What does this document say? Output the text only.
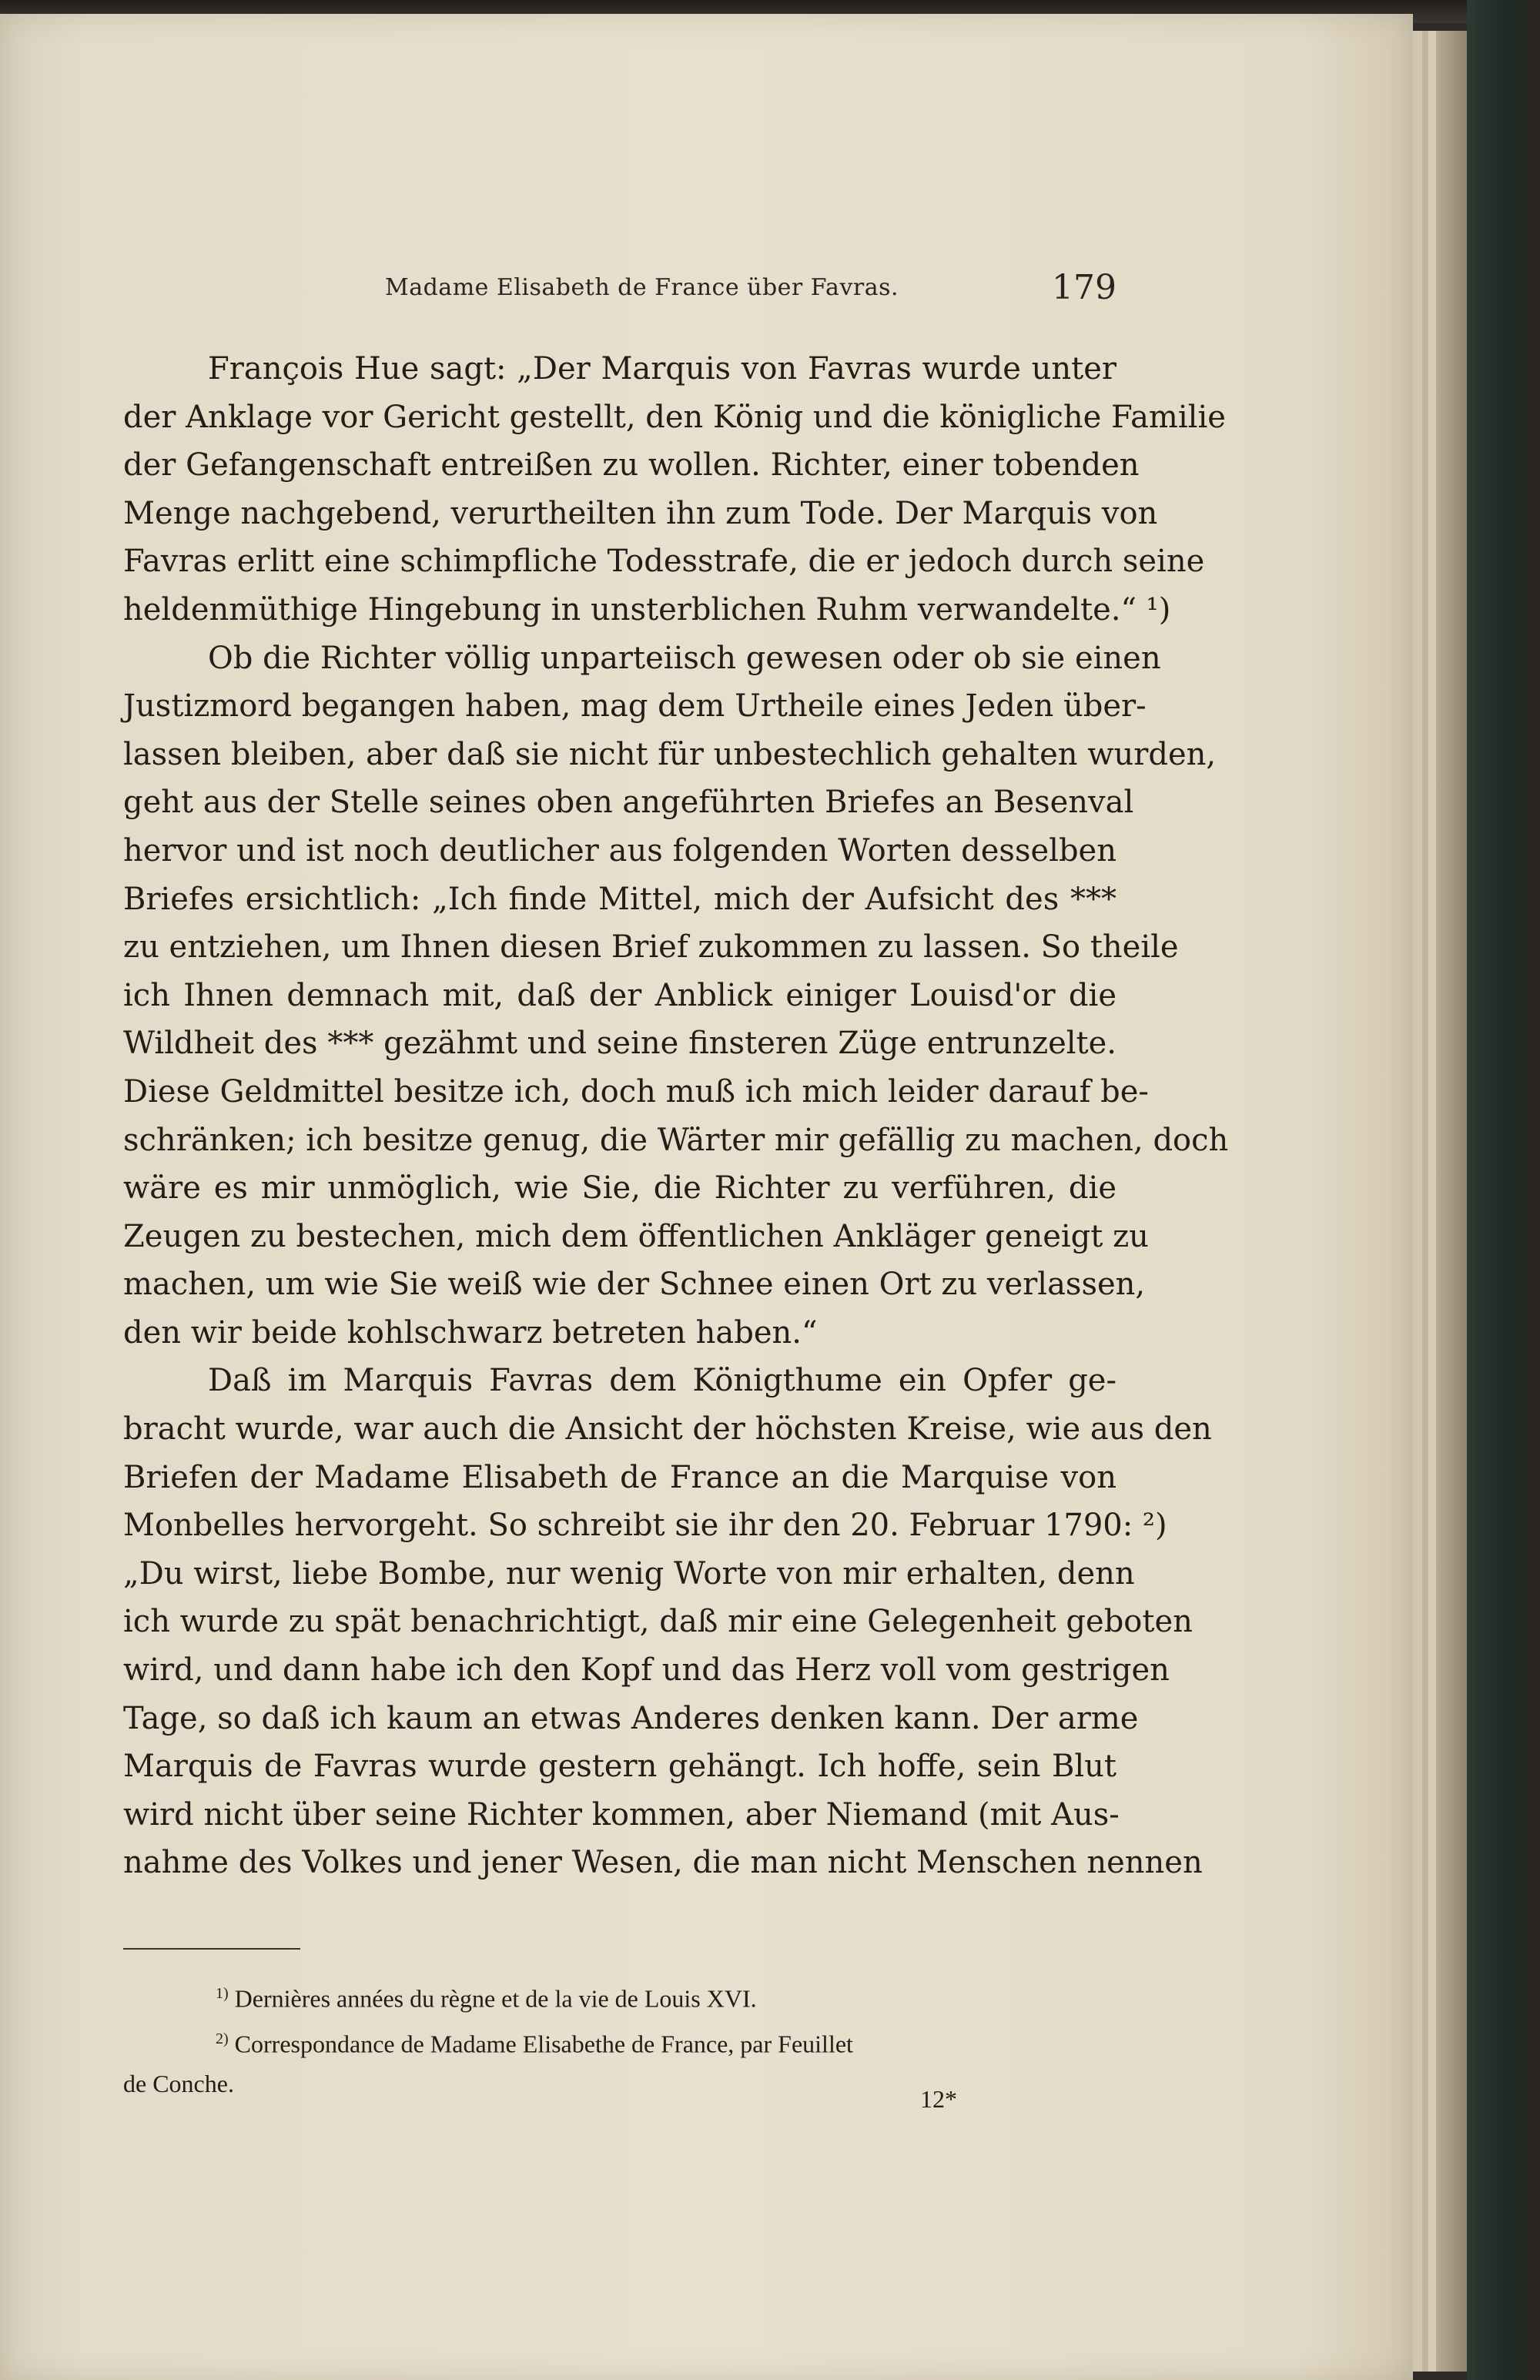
Madame Elisabeth de France über Favras.	179
François Hue sagt: „Der Marquis von Favras wurde unter
der Anklage vor Gericht gestellt, den König und die königliche Familie
der Gefangenschaft entreißen zu wollen. Richter, einer tobenden
Menge nachgebend, verurtheilten ihn zum Tode. Der Marquis von
Favras erlitt eine schimpfliche Todesstrafe, die er jedoch durch seine
heldenmüthige Hingebung in unsterblichen Ruhm verwandelte.“ ¹)
Ob die Richter völlig unparteiisch gewesen oder ob sie einen
Justizmord begangen haben, mag dem Urtheile eines Jeden über-
lassen bleiben, aber daß sie nicht für unbestechlich gehalten wurden,
geht aus der Stelle seines oben angeführten Briefes an Besenval
hervor und ist noch deutlicher aus folgenden Worten desselben
Briefes ersichtlich: „Ich finde Mittel, mich der Aufsicht des ***
zu entziehen, um Ihnen diesen Brief zukommen zu lassen. So theile
ich Ihnen demnach mit, daß der Anblick einiger Louisd'or die
Wildheit des *** gezähmt und seine finsteren Züge entrunzelte.
Diese Geldmittel besitze ich, doch muß ich mich leider darauf be-
schränken; ich besitze genug, die Wärter mir gefällig zu machen, doch
wäre es mir unmöglich, wie Sie, die Richter zu verführen, die
Zeugen zu bestechen, mich dem öffentlichen Ankläger geneigt zu
machen, um wie Sie weiß wie der Schnee einen Ort zu verlassen,
den wir beide kohlschwarz betreten haben.“
Daß im Marquis Favras dem Königthume ein Opfer ge-
bracht wurde, war auch die Ansicht der höchsten Kreise, wie aus den
Briefen der Madame Elisabeth de France an die Marquise von
Monbelles hervorgeht. So schreibt sie ihr den 20. Februar 1790: ²)
„Du wirst, liebe Bombe, nur wenig Worte von mir erhalten, denn
ich wurde zu spät benachrichtigt, daß mir eine Gelegenheit geboten
wird, und dann habe ich den Kopf und das Herz voll vom gestrigen
Tage, so daß ich kaum an etwas Anderes denken kann. Der arme
Marquis de Favras wurde gestern gehängt. Ich hoffe, sein Blut
wird nicht über seine Richter kommen, aber Niemand (mit Aus-
nahme des Volkes und jener Wesen, die man nicht Menschen nennen
$^{1)}$ Dernières années du règne et de la vie de Louis XVI.
$^{2)}$ Correspondance de Madame Elisabethe de France, par Feuillet
de Conche.
12*
